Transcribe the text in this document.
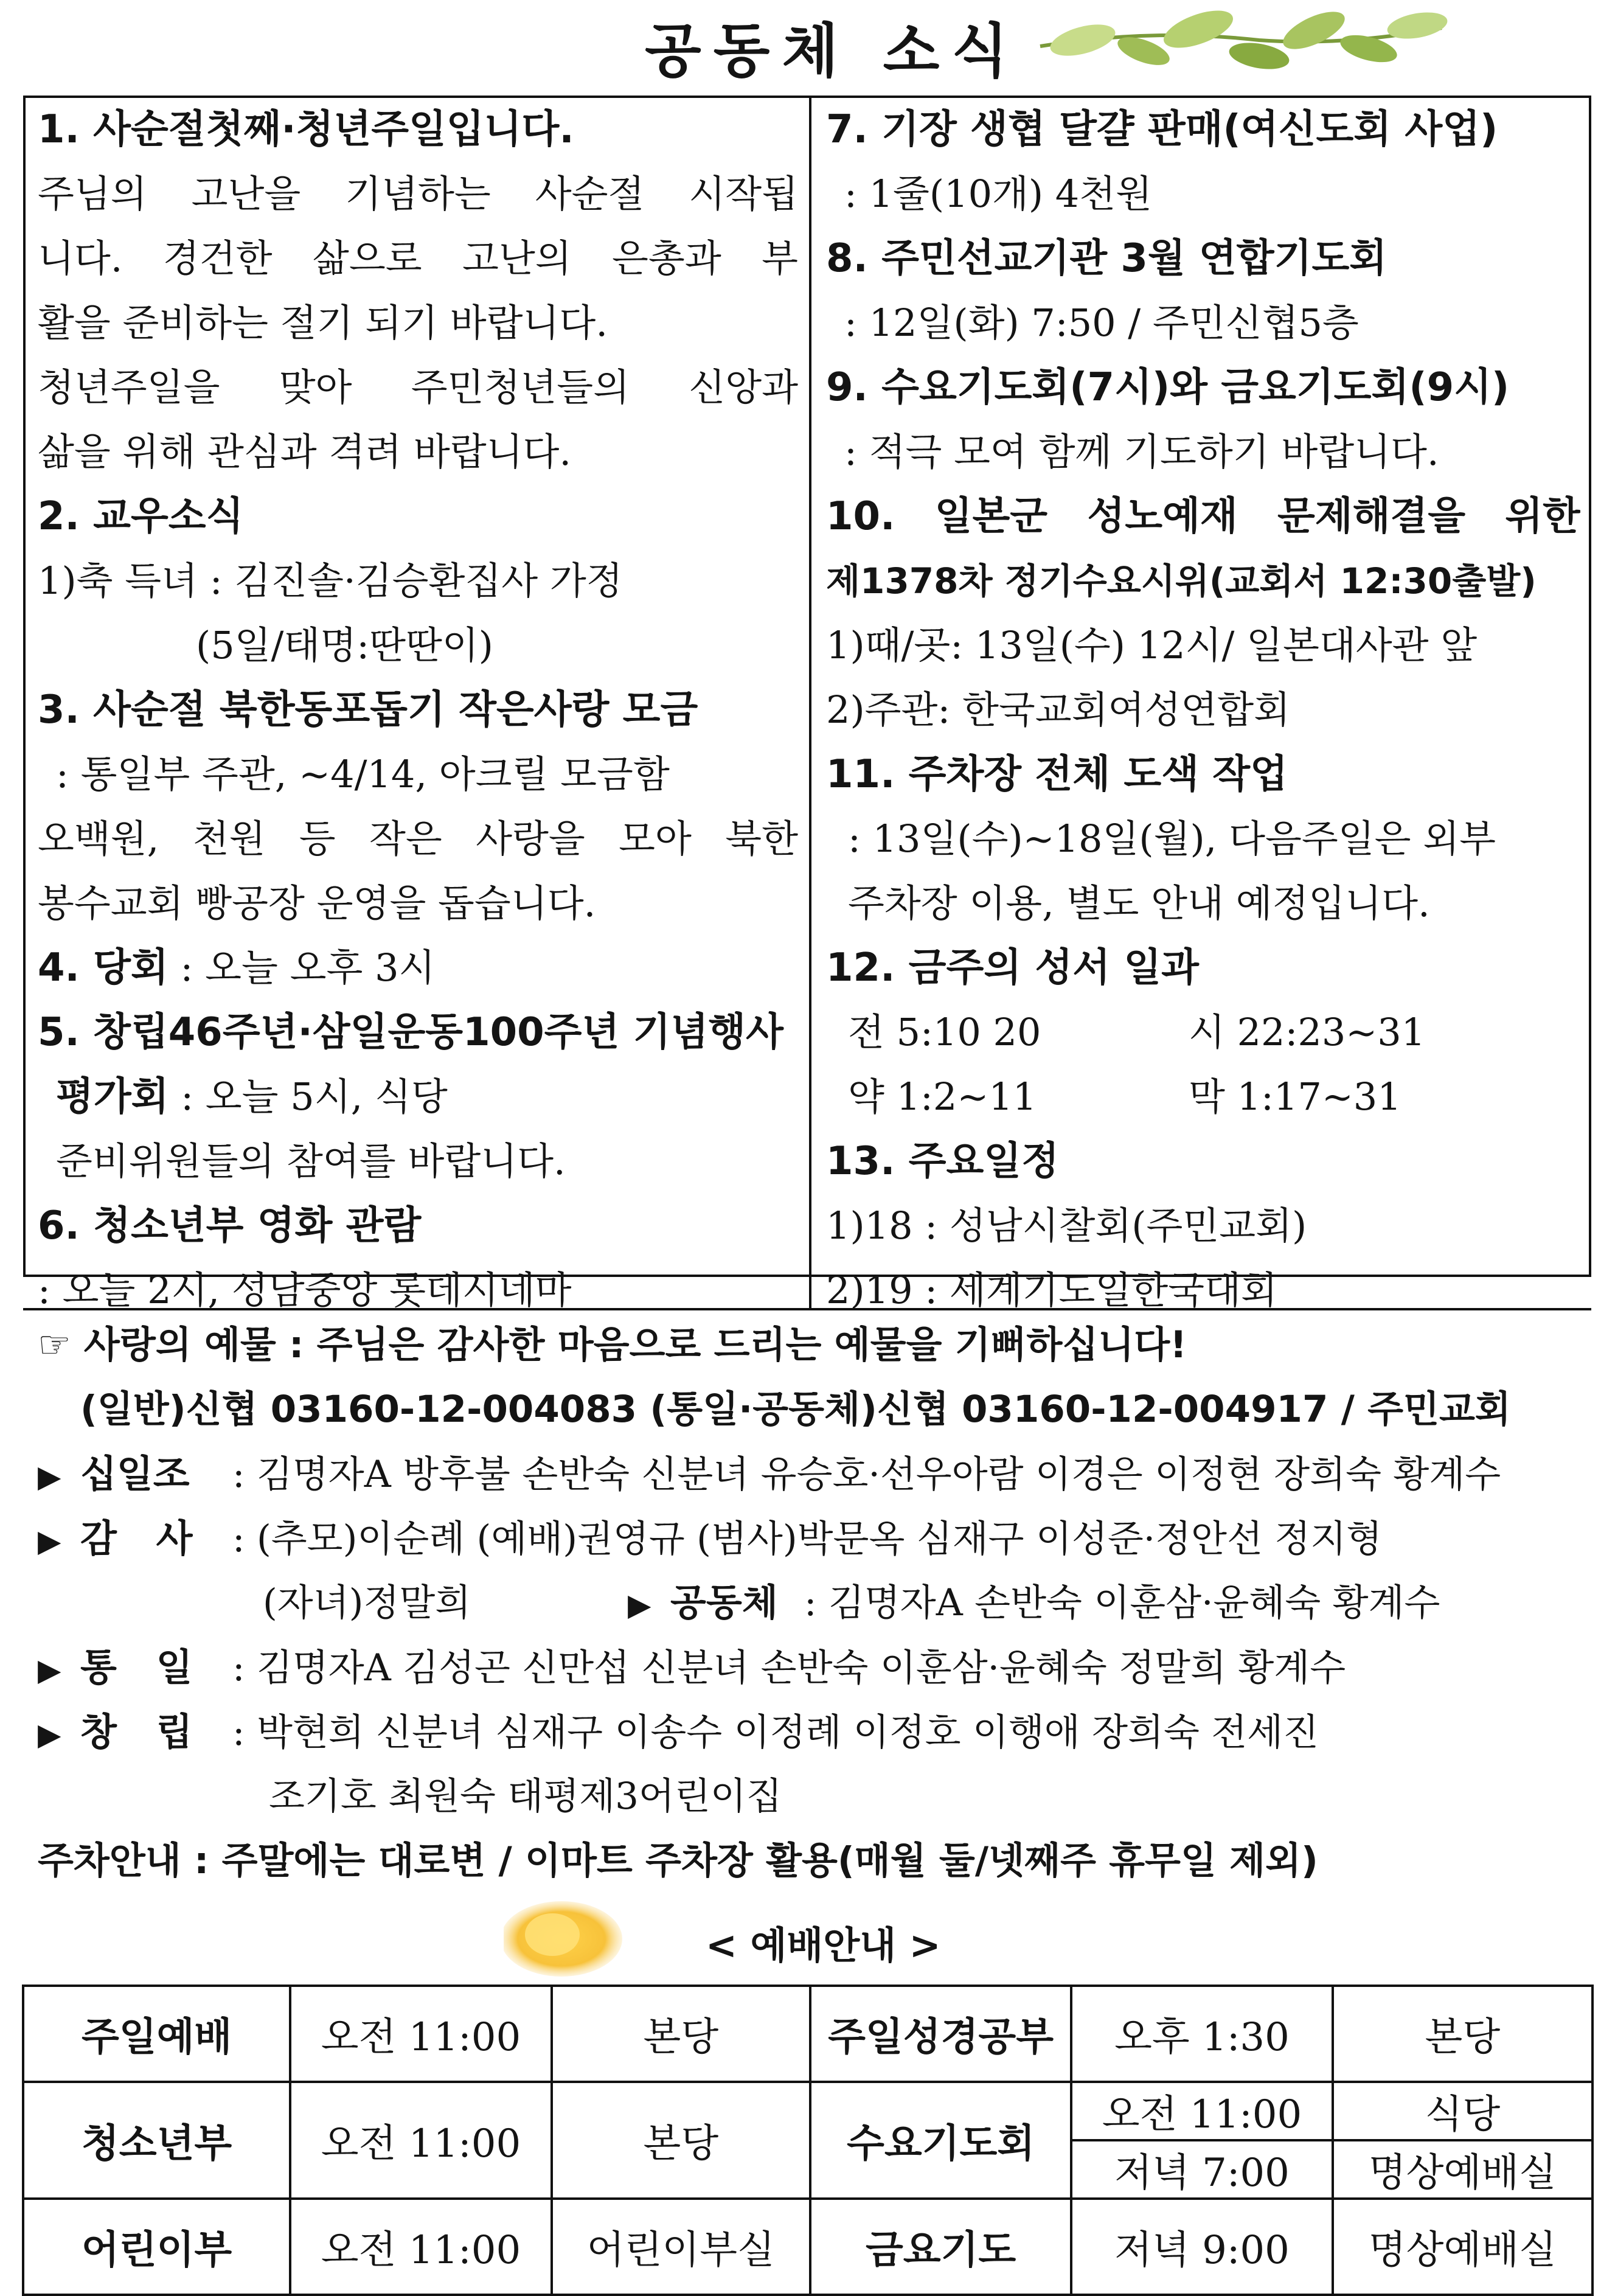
공동체 소식
1. 사순절첫째·청년주일입니다.
주님의 고난을 기념하는 사순절 시작됩
니다. 경건한 삶으로 고난의 은총과 부
활을 준비하는 절기 되기 바랍니다.
청년주일을 맞아 주민청년들의 신앙과
삶을 위해 관심과 격려 바랍니다.
2. 교우소식
1)축 득녀 : 김진솔·김승환집사 가정
(5일/태명:딴딴이)
3. 사순절 북한동포돕기 작은사랑 모금
: 통일부 주관, ~4/14, 아크릴 모금함
오백원, 천원 등 작은 사랑을 모아 북한
봉수교회 빵공장 운영을 돕습니다.
4. 당회 : 오늘 오후 3시
5. 창립46주년·삼일운동100주년 기념행사
평가회 : 오늘 5시, 식당
준비위원들의 참여를 바랍니다.
6. 청소년부 영화 관람
: 오늘 2시, 성남중앙 롯데시네마
7. 기장 생협 달걀 판매(여신도회 사업)
: 1줄(10개) 4천원
8. 주민선교기관 3월 연합기도회
: 12일(화) 7:50 / 주민신협5층
9. 수요기도회(7시)와 금요기도회(9시)
: 적극 모여 함께 기도하기 바랍니다.
10. 일본군 성노예재 문제해결을 위한
제1378차 정기수요시위(교회서 12:30출발)
1)때/곳: 13일(수) 12시/ 일본대사관 앞
2)주관: 한국교회여성연합회
11. 주차장 전체 도색 작업
: 13일(수)~18일(월), 다음주일은 외부
주차장 이용, 별도 안내 예정입니다.
12. 금주의 성서 일과
전 5:10 20	시 22:23~31
약 1:2~11	막 1:17~31
13. 주요일정
1)18 : 성남시찰회(주민교회)
2)19 : 세계기도일한국대회
☞ 사랑의 예물 : 주님은 감사한 마음으로 드리는 예물을 기뻐하십니다!
(일반)신협 03160-12-004083 (통일·공동체)신협 03160-12-004917 / 주민교회
▶ 십일조 : 김명자A 방후불 손반숙 신분녀 유승호·선우아람 이경은 이정현 장희숙 황계수
▶ 감   사 : (추모)이순례 (예배)권영규 (범사)박문옥 심재구 이성준·정안선 정지형
(자녀)정말희	▶ 공동체 : 김명자A 손반숙 이훈삼·윤혜숙 황계수
▶ 통   일 : 김명자A 김성곤 신만섭 신분녀 손반숙 이훈삼·윤혜숙 정말희 황계수
▶ 창   립 : 박현희 신분녀 심재구 이송수 이정례 이정호 이행애 장희숙 전세진
조기호 최원숙 태평제3어린이집
주차안내 : 주말에는 대로변 / 이마트 주차장 활용(매월 둘/넷째주 휴무일 제외)
< 예배안내 >
주일예배	오전 11:00	본당	주일성경공부	오후 1:30	본당
청소년부	오전 11:00	본당	수요기도회	오전 11:00	식당
				저녁 7:00	명상예배실
어린이부	오전 11:00	어린이부실	금요기도	저녁 9:00	명상예배실
